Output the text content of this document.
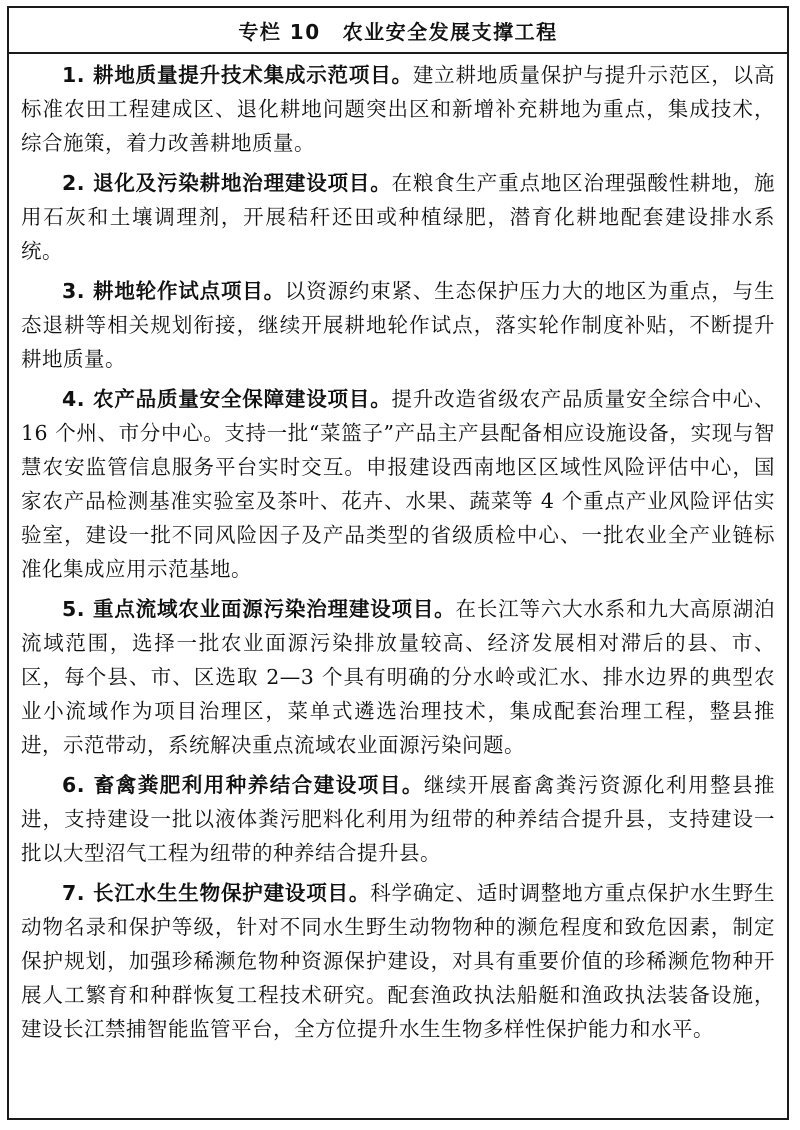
专栏 10 农业安全发展支撑工程

1. 耕地质量提升技术集成示范项目。建立耕地质量保护与提升示范区，以高标准农田工程建成区、退化耕地问题突出区和新增补充耕地为重点，集成技术，综合施策，着力改善耕地质量。

2. 退化及污染耕地治理建设项目。在粮食生产重点地区治理强酸性耕地，施用石灰和土壤调理剂，开展秸秆还田或种植绿肥，潜育化耕地配套建设排水系统。

3. 耕地轮作试点项目。以资源约束紧、生态保护压力大的地区为重点，与生态退耕等相关规划衔接，继续开展耕地轮作试点，落实轮作制度补贴，不断提升耕地质量。

4. 农产品质量安全保障建设项目。提升改造省级农产品质量安全综合中心、16 个州、市分中心。支持一批“菜篮子”产品主产县配备相应设施设备，实现与智慧农安监管信息服务平台实时交互。申报建设西南地区区域性风险评估中心，国家农产品检测基准实验室及茶叶、花卉、水果、蔬菜等 4 个重点产业风险评估实验室，建设一批不同风险因子及产品类型的省级质检中心、一批农业全产业链标准化集成应用示范基地。

5. 重点流域农业面源污染治理建设项目。在长江等六大水系和九大高原湖泊流域范围，选择一批农业面源污染排放量较高、经济发展相对滞后的县、市、区，每个县、市、区选取 2—3 个具有明确的分水岭或汇水、排水边界的典型农业小流域作为项目治理区，菜单式遴选治理技术，集成配套治理工程，整县推进，示范带动，系统解决重点流域农业面源污染问题。

6. 畜禽粪肥利用种养结合建设项目。继续开展畜禽粪污资源化利用整县推进，支持建设一批以液体粪污肥料化利用为纽带的种养结合提升县，支持建设一批以大型沼气工程为纽带的种养结合提升县。

7. 长江水生生物保护建设项目。科学确定、适时调整地方重点保护水生野生动物名录和保护等级，针对不同水生野生动物物种的濒危程度和致危因素，制定保护规划，加强珍稀濒危物种资源保护建设，对具有重要价值的珍稀濒危物种开展人工繁育和种群恢复工程技术研究。配套渔政执法船艇和渔政执法装备设施，建设长江禁捕智能监管平台，全方位提升水生生物多样性保护能力和水平。
